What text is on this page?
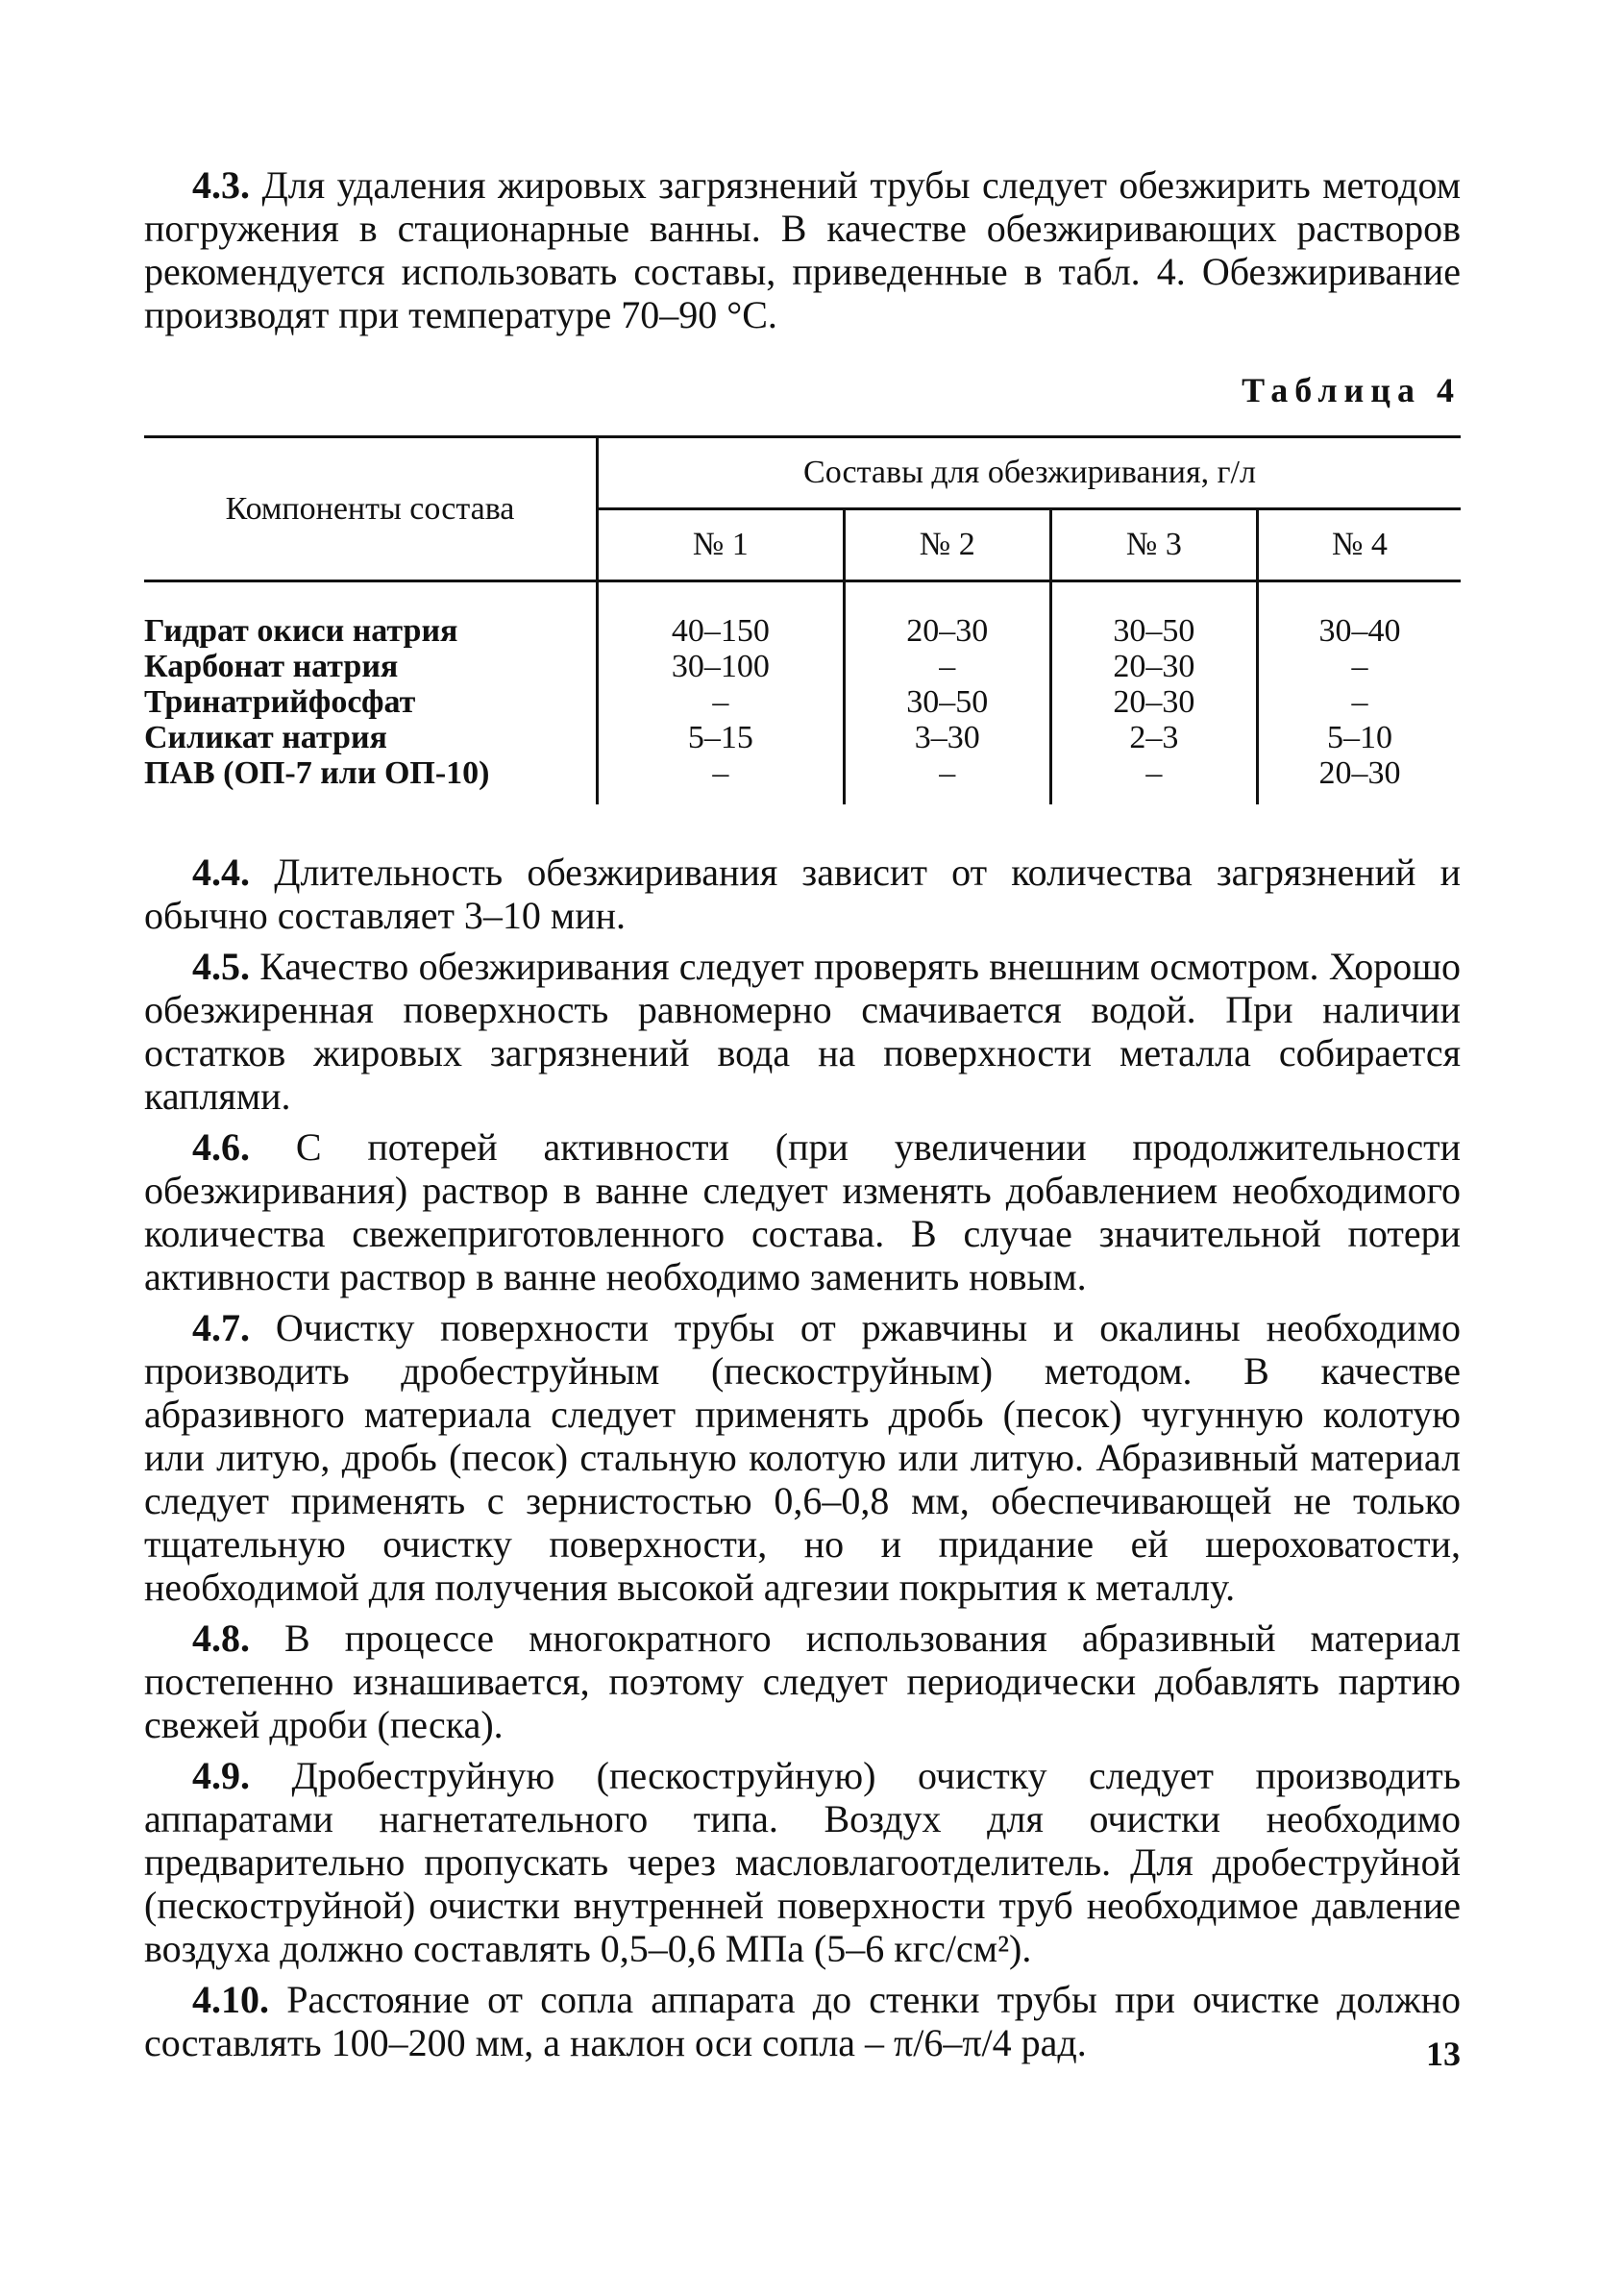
4.3. Для удаления жировых загрязнений трубы следует обезжирить методом погружения в стационарные ванны. В качестве обезжиривающих растворов рекомендуется использовать составы, приведенные в табл. 4. Обезжиривание производят при температуре 70–90 °С.

Таблица 4
Компоненты состава	Составы для обезжиривания, г/л			
	№ 1	№ 2	№ 3	№ 4
Гидрат окиси натрия	40–150	20–30	30–50	30–40
Карбонат натрия	30–100	–	20–30	–
Тринатрийфосфат	–	30–50	20–30	–
Силикат натрия	5–15	3–30	2–3	5–10
ПАВ (ОП-7 или ОП-10)	–	–	–	20–30

4.4. Длительность обезжиривания зависит от количества загрязнений и обычно составляет 3–10 мин.

4.5. Качество обезжиривания следует проверять внешним осмотром. Хорошо обезжиренная поверхность равномерно смачивается водой. При наличии остатков жировых загрязнений вода на поверхности металла собирается каплями.

4.6. С потерей активности (при увеличении продолжительности обезжиривания) раствор в ванне следует изменять добавлением необходимого количества свежеприготовленного состава. В случае значительной потери активности раствор в ванне необходимо заменить новым.

4.7. Очистку поверхности трубы от ржавчины и окалины необходимо производить дробеструйным (пескоструйным) методом. В качестве абразивного материала следует применять дробь (песок) чугунную колотую или литую, дробь (песок) стальную колотую или литую. Абразивный материал следует применять с зернистостью 0,6–0,8 мм, обеспечивающей не только тщательную очистку поверхности, но и придание ей шероховатости, необходимой для получения высокой адгезии покрытия к металлу.

4.8. В процессе многократного использования абразивный материал постепенно изнашивается, поэтому следует периодически добавлять партию свежей дроби (песка).

4.9. Дробеструйную (пескоструйную) очистку следует производить аппаратами нагнетательного типа. Воздух для очистки необходимо предварительно пропускать через масловлагоотделитель. Для дробеструйной (пескоструйной) очистки внутренней поверхности труб необходимое давление воздуха должно составлять 0,5–0,6 МПа (5–6 кгс/см²).

4.10. Расстояние от сопла аппарата до стенки трубы при очистке должно составлять 100–200 мм, а наклон оси сопла – π/6–π/4 рад.	13
